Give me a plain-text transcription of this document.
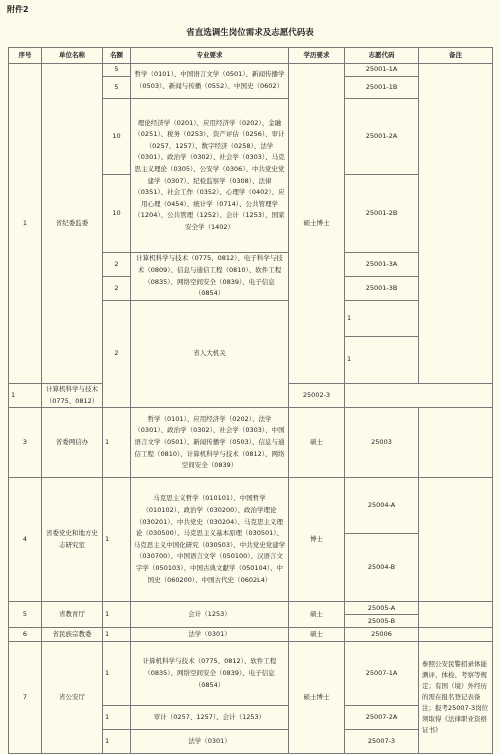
附件2
省直选调生岗位需求及志愿代码表
序号	单位名称	名额	专业要求	学历要求	志愿代码	备注	
1	省纪委监委	5	哲学（0101）、中国语言文学（0501）、新闻传播学（0503）、新闻与传播（0552）、中国史（0602）	硕士博士	25001-1A		
		5			25001-1B		
		10	理论经济学（0201）、应用经济学（0202）、金融（0251）、税务（0253）、资产评估（0256）、审计（0257、1257）、数字经济（0258）、法学（0301）、政治学（0302）、社会学（0303）、马克思主义理论（0305）、公安学（0306）、中共党史党建学（0307）、纪检监察学（0308）、法律（0351）、社会工作（0352）、心理学（0402）、应用心理（0454）、统计学（0714）、公共管理学（1204）、公共管理（1252）、会计（1253）、国家安全学（1402）		25001-2A		
		10			25001-2B		
		2	计算机科学与技术（0775、0812）、电子科学与技术（0809）、信息与通信工程（0810）、软件工程（0835）、网络空间安全（0839）、电子信息（0854）		25001-3A		
		2			25001-3B		
		2	省人大机关		1				
					1		
1	计算机科学与技术（0775、0812）			25002-3			
3	省委网信办	1	哲学（0101）、应用经济学（0202）、法学（0301）、政治学（0302）、社会学（0303）、中国语言文学（0501）、新闻传播学（0503）、信息与通信工程（0810）、计算机科学与技术（0812）、网络空间安全（0839）	硕士	25003		
4	省委党史和地方史志研究室	1	马克思主义哲学（010101）、中国哲学（010102）、政治学（030200）、政治学理论（030201）、中共党史（030204）、马克思主义理论（030500）、马克思主义基本原理（030501）、马克思主义中国化研究（030503）、中共党史党建学（030700）、中国语言文学（050100）、汉语言文字学（050103）、中国古典文献学（050104）、中国史（060200）、中国古代史（0602L4）	博士	25004-A		
					25004-B		
5	省教育厅	1	会计（1253）	硕士	25005-A		
					25005-B		
6	省民族宗教委	1	法学（0301）	硕士	25006		
7	省公安厅	1	计算机科学与技术（0775、0812）、软件工程（0835）、网络空间安全（0839）、电子信息（0854）	硕士博士	25007-1A	参照公安民警招录体能测评、体检、考察等规定；有国（境）外经历的需在报名登记表备注；报考25007-3岗位须取得《法律职业资格证书》	
		1	审计（0257、1257）、会计（1253）		25007-2A		
		1	法学（0301）		25007-3		
